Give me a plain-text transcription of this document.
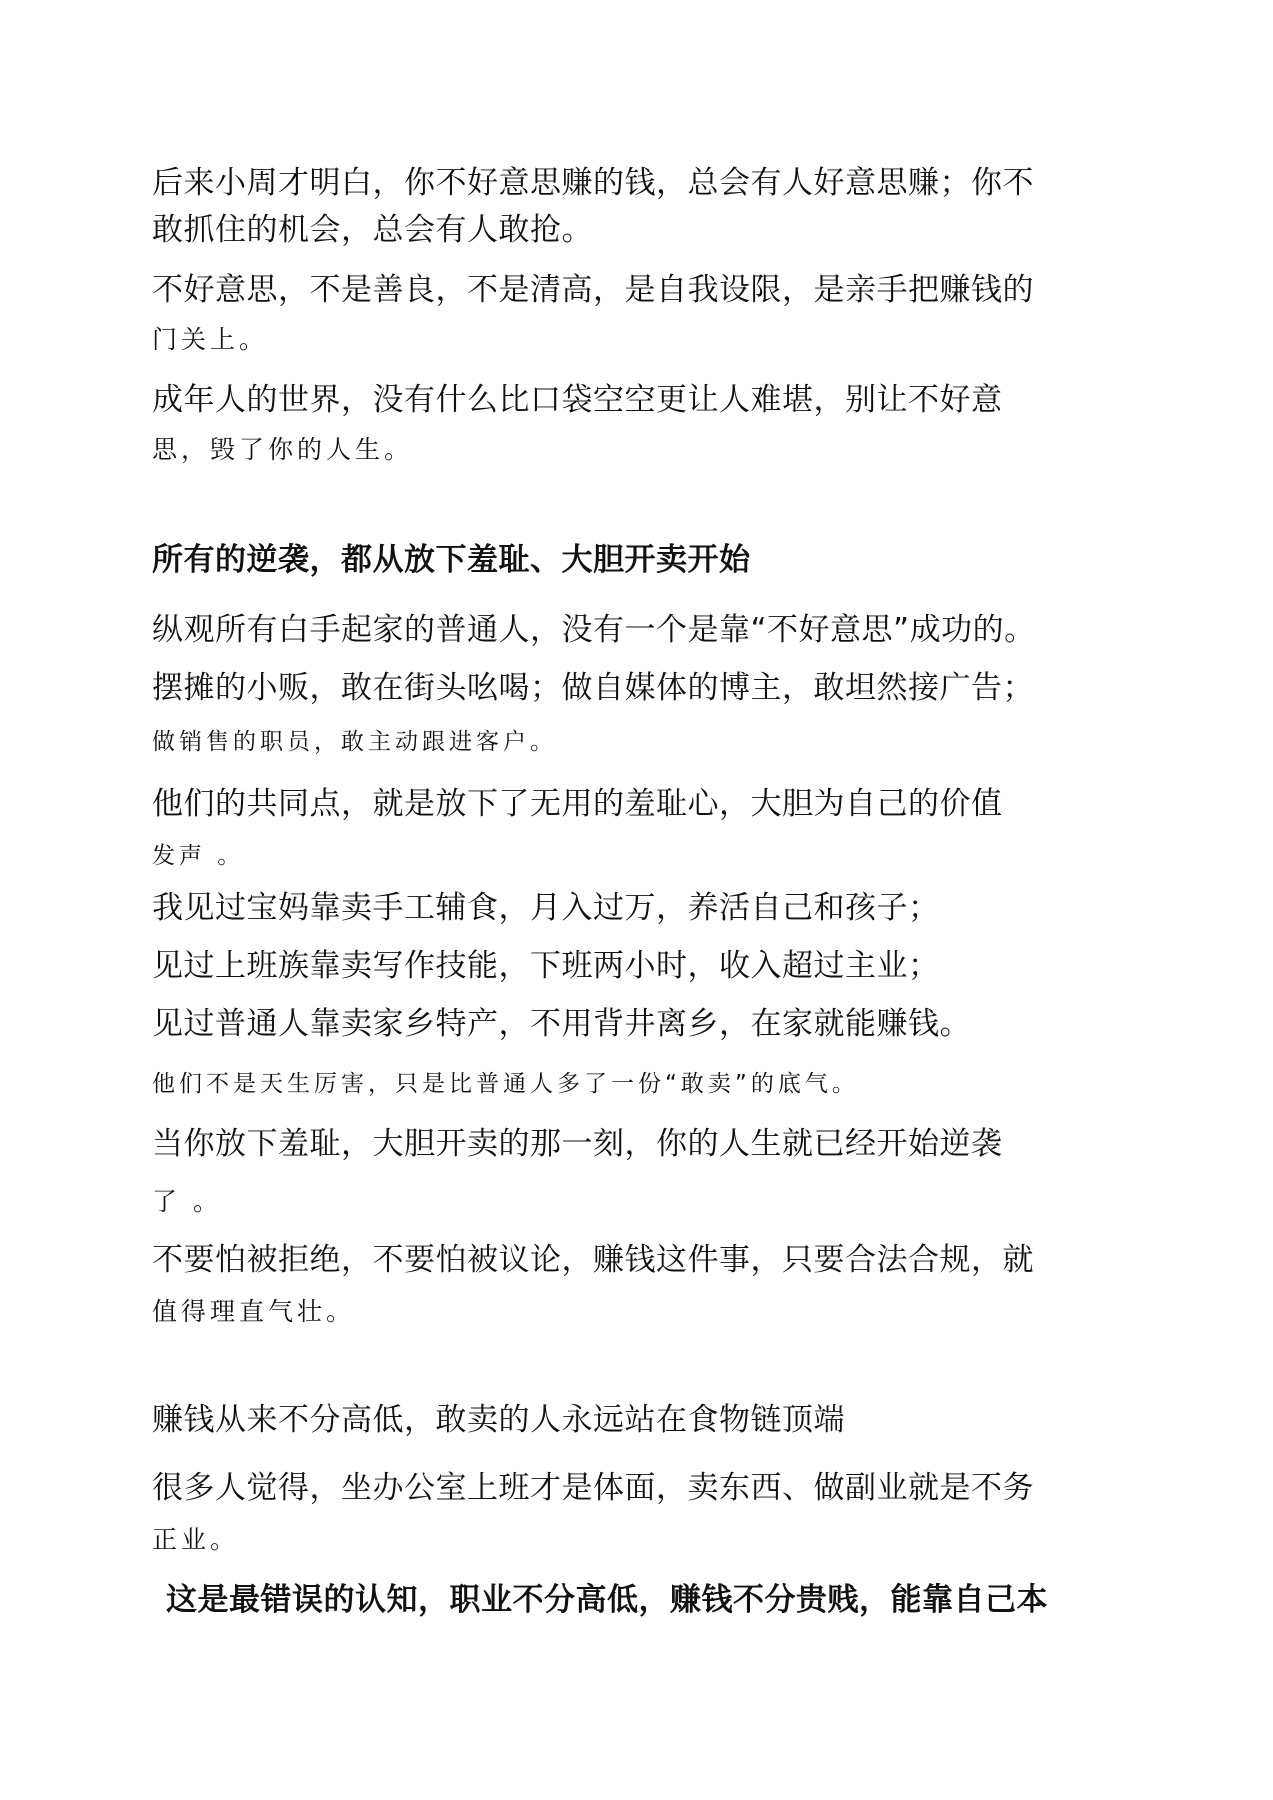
后来小周才明白，你不好意思赚的钱，总会有人好意思赚；你不
敢抓住的机会，总会有人敢抢。
不好意思，不是善良，不是清高，是自我设限，是亲手把赚钱的
门关上。
成年人的世界，没有什么比口袋空空更让人难堪，别让不好意
思，毁了你的人生。
所有的逆袭，都从放下羞耻、大胆开卖开始
纵观所有白手起家的普通人，没有一个是靠“不好意思”成功的。
摆摊的小贩，敢在街头吆喝；做自媒体的博主，敢坦然接广告；
做销售的职员，敢主动跟进客户。
他们的共同点，就是放下了无用的羞耻心，大胆为自己的价值
发声 。
我见过宝妈靠卖手工辅食，月入过万，养活自己和孩子；
见过上班族靠卖写作技能，下班两小时，收入超过主业；
见过普通人靠卖家乡特产，不用背井离乡，在家就能赚钱。
他们不是天生厉害，只是比普通人多了一份“敢卖”的底气。
当你放下羞耻，大胆开卖的那一刻，你的人生就已经开始逆袭
了 。
不要怕被拒绝，不要怕被议论，赚钱这件事，只要合法合规，就
值得理直气壮。
赚钱从来不分高低，敢卖的人永远站在食物链顶端
很多人觉得，坐办公室上班才是体面，卖东西、做副业就是不务
正业。
这是最错误的认知，职业不分高低，赚钱不分贵贱，能靠自己本
